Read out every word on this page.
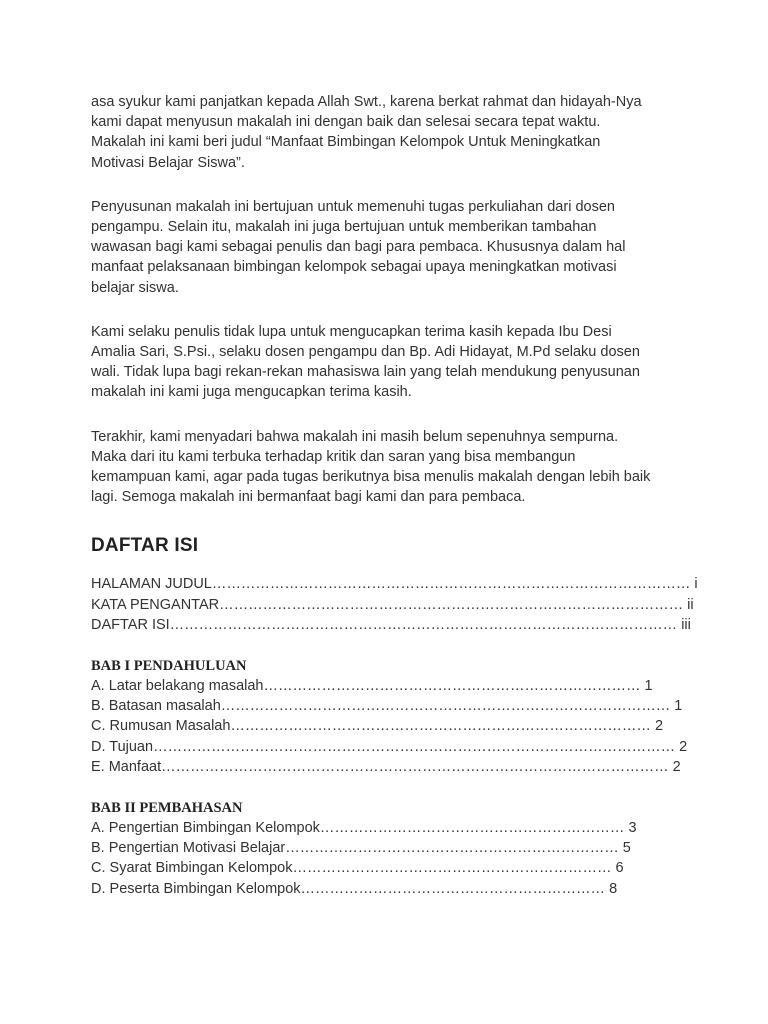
asa syukur kami panjatkan kepada Allah Swt., karena berkat rahmat dan hidayah-Nya
kami dapat menyusun makalah ini dengan baik dan selesai secara tepat waktu.
Makalah ini kami beri judul “Manfaat Bimbingan Kelompok Untuk Meningkatkan
Motivasi Belajar Siswa”.
Penyusunan makalah ini bertujuan untuk memenuhi tugas perkuliahan dari dosen
pengampu. Selain itu, makalah ini juga bertujuan untuk memberikan tambahan
wawasan bagi kami sebagai penulis dan bagi para pembaca. Khususnya dalam hal
manfaat pelaksanaan bimbingan kelompok sebagai upaya meningkatkan motivasi
belajar siswa.
Kami selaku penulis tidak lupa untuk mengucapkan terima kasih kepada Ibu Desi
Amalia Sari, S.Psi., selaku dosen pengampu dan Bp. Adi Hidayat, M.Pd selaku dosen
wali. Tidak lupa bagi rekan-rekan mahasiswa lain yang telah mendukung penyusunan
makalah ini kami juga mengucapkan terima kasih.
Terakhir, kami menyadari bahwa makalah ini masih belum sepenuhnya sempurna.
Maka dari itu kami terbuka terhadap kritik dan saran yang bisa membangun
kemampuan kami, agar pada tugas berikutnya bisa menulis makalah dengan lebih baik
lagi. Semoga makalah ini bermanfaat bagi kami dan para pembaca.
DAFTAR ISI
HALAMAN JUDUL……………………………………………………………………………………… i
KATA PENGANTAR…………………………………………………………………………………… ii
DAFTAR ISI…………………………………………………………………………………………… iii
BAB I PENDAHULUAN
A. Latar belakang masalah…………………………………………………………………… 1
B. Batasan masalah………………………………………………………………………………… 1
C. Rumusan Masalah…………………………………………………………………………… 2
D. Tujuan……………………………………………………………………………………………… 2
E. Manfaat…………………………………………………………………………………………… 2
BAB II PEMBAHASAN
A. Pengertian Bimbingan Kelompok……………………………………………………… 3
B. Pengertian Motivasi Belajar…………………………………………………………… 5
C. Syarat Bimbingan Kelompok………………………………………………………… 6
D. Peserta Bimbingan Kelompok……………………………………………………… 8
